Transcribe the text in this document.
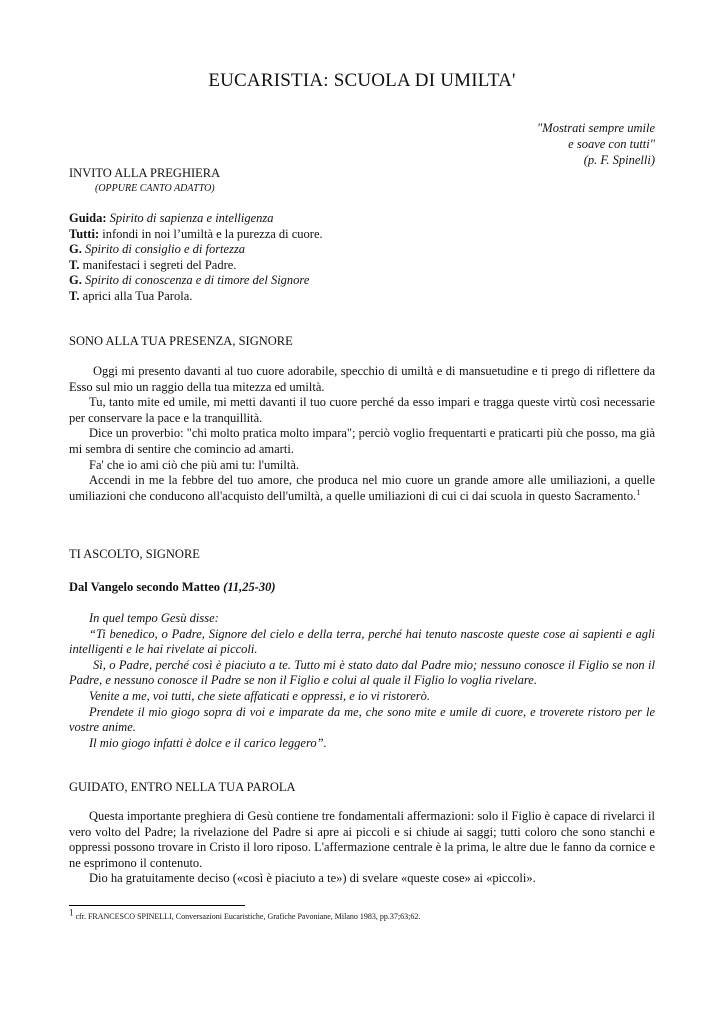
EUCARISTIA: SCUOLA DI UMILTA'
"Mostrati sempre umile
e soave con tutti"
(p. F. Spinelli)
INVITO ALLA PREGHIERA
(OPPURE CANTO ADATTO)
Guida: Spirito di sapienza e intelligenza
Tutti: infondi in noi l’umiltà e la purezza di cuore.
G. Spirito di consiglio e di fortezza
T. manifestaci i segreti del Padre.
G. Spirito di conoscenza e di timore del Signore
T. aprici alla Tua Parola.
SONO ALLA TUA PRESENZA, SIGNORE

Oggi mi presento davanti al tuo cuore adorabile, specchio di umiltà e di mansuetudine e ti prego di riflettere da Esso sul mio un raggio della tua mitezza ed umiltà.

Tu, tanto mite ed umile, mi metti davanti il tuo cuore perché da esso impari e tragga queste virtù così necessarie per conservare la pace e la tranquillità.

Dice un proverbio: "chi molto pratica molto impara"; perciò voglio frequentarti e praticarti più che posso, ma già mi sembra di sentire che comincio ad amarti.

Fa' che io ami ciò che più ami tu: l'umiltà.

Accendi in me la febbre del tuo amore, che produca nel mio cuore un grande amore alle umiliazioni, a quelle umiliazioni che conducono all'acquisto dell'umiltà, a quelle umiliazioni di cui ci dai scuola in questo Sacramento.$^1$

TI ASCOLTO, SIGNORE
Dal Vangelo secondo Matteo (11,25-30)

In quel tempo Gesù disse:

“Ti benedico, o Padre, Signore del cielo e della terra, perché hai tenuto nascoste queste cose ai sapienti e agli intelligenti e le hai rivelate ai piccoli.

Sì, o Padre, perché così è piaciuto a te. Tutto mi è stato dato dal Padre mio; nessuno conosce il Figlio se non il Padre, e nessuno conosce il Padre se non il Figlio e colui al quale il Figlio lo voglia rivelare.

Venite a me, voi tutti, che siete affaticati e oppressi, e io vi ristorerò.

Prendete il mio giogo sopra di voi e imparate da me, che sono mite e umile di cuore, e troverete ristoro per le vostre anime.

Il mio giogo infatti è dolce e il carico leggero”.

GUIDATO, ENTRO NELLA TUA PAROLA

Questa importante preghiera di Gesù contiene tre fondamentali affermazioni: solo il Figlio è capace di rivelarci il vero volto del Padre; la rivelazione del Padre si apre ai piccoli e si chiude ai saggi; tutti coloro che sono stanchi e oppressi possono trovare in Cristo il loro riposo. L'affermazione centrale è la prima, le altre due le fanno da cornice e ne esprimono il contenuto.

Dio ha gratuitamente deciso («così è piaciuto a te») di svelare «queste cose» ai «piccoli».

$^1$ cfr. FRANCESCO SPINELLI, Conversazioni Eucaristiche, Grafiche Pavoniane, Milano 1983, pp.37;63;62.
